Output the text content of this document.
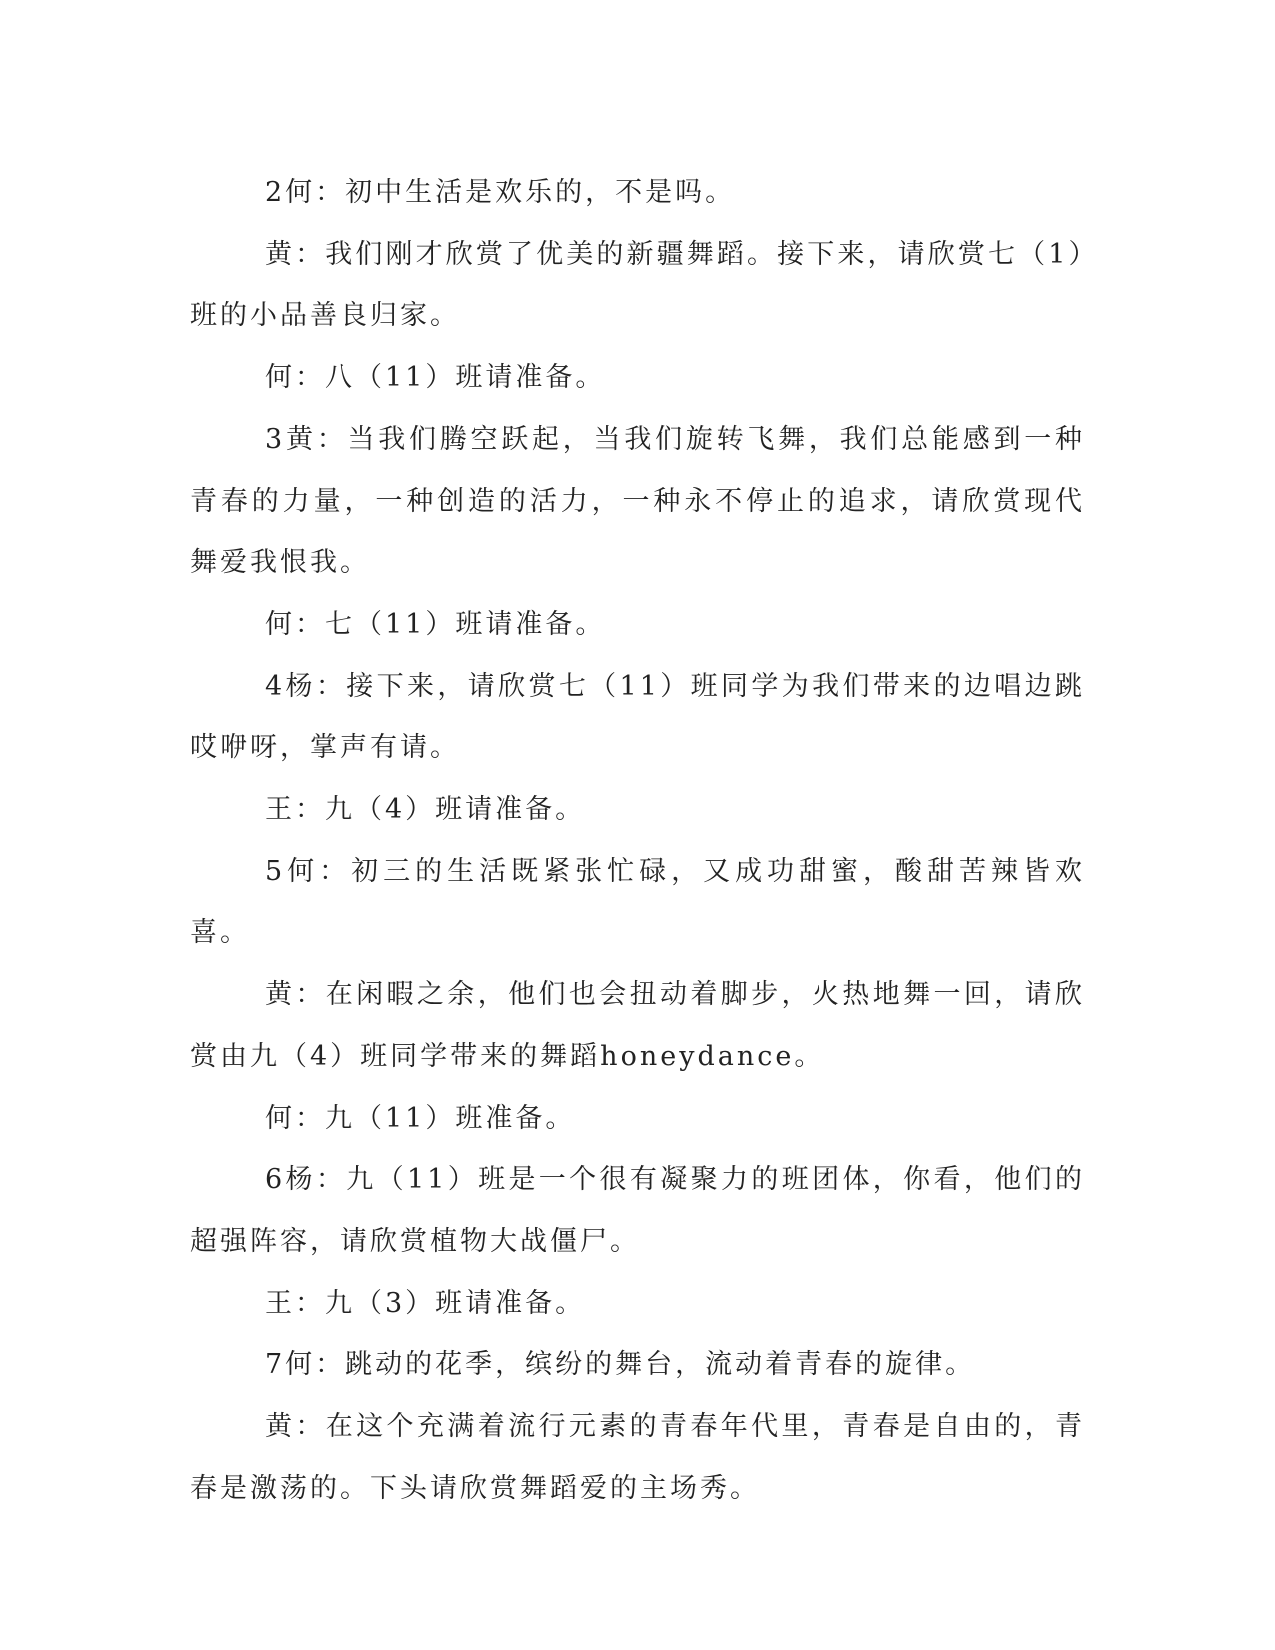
2何：初中生活是欢乐的，不是吗。

黄：我们刚才欣赏了优美的新疆舞蹈。接下来，请欣赏七（1）班的小品善良归家。

何：八（11）班请准备。

3黄：当我们腾空跃起，当我们旋转飞舞，我们总能感到一种青春的力量，一种创造的活力，一种永不停止的追求，请欣赏现代舞爱我恨我。

何：七（11）班请准备。

4杨：接下来，请欣赏七（11）班同学为我们带来的边唱边跳哎咿呀，掌声有请。

王：九（4）班请准备。

5何：初三的生活既紧张忙碌，又成功甜蜜，酸甜苦辣皆欢喜。

黄：在闲暇之余，他们也会扭动着脚步，火热地舞一回，请欣赏由九（4）班同学带来的舞蹈honeydance。

何：九（11）班准备。

6杨：九（11）班是一个很有凝聚力的班团体，你看，他们的超强阵容，请欣赏植物大战僵尸。

王：九（3）班请准备。

7何：跳动的花季，缤纷的舞台，流动着青春的旋律。

黄：在这个充满着流行元素的青春年代里，青春是自由的，青春是激荡的。下头请欣赏舞蹈爱的主场秀。
